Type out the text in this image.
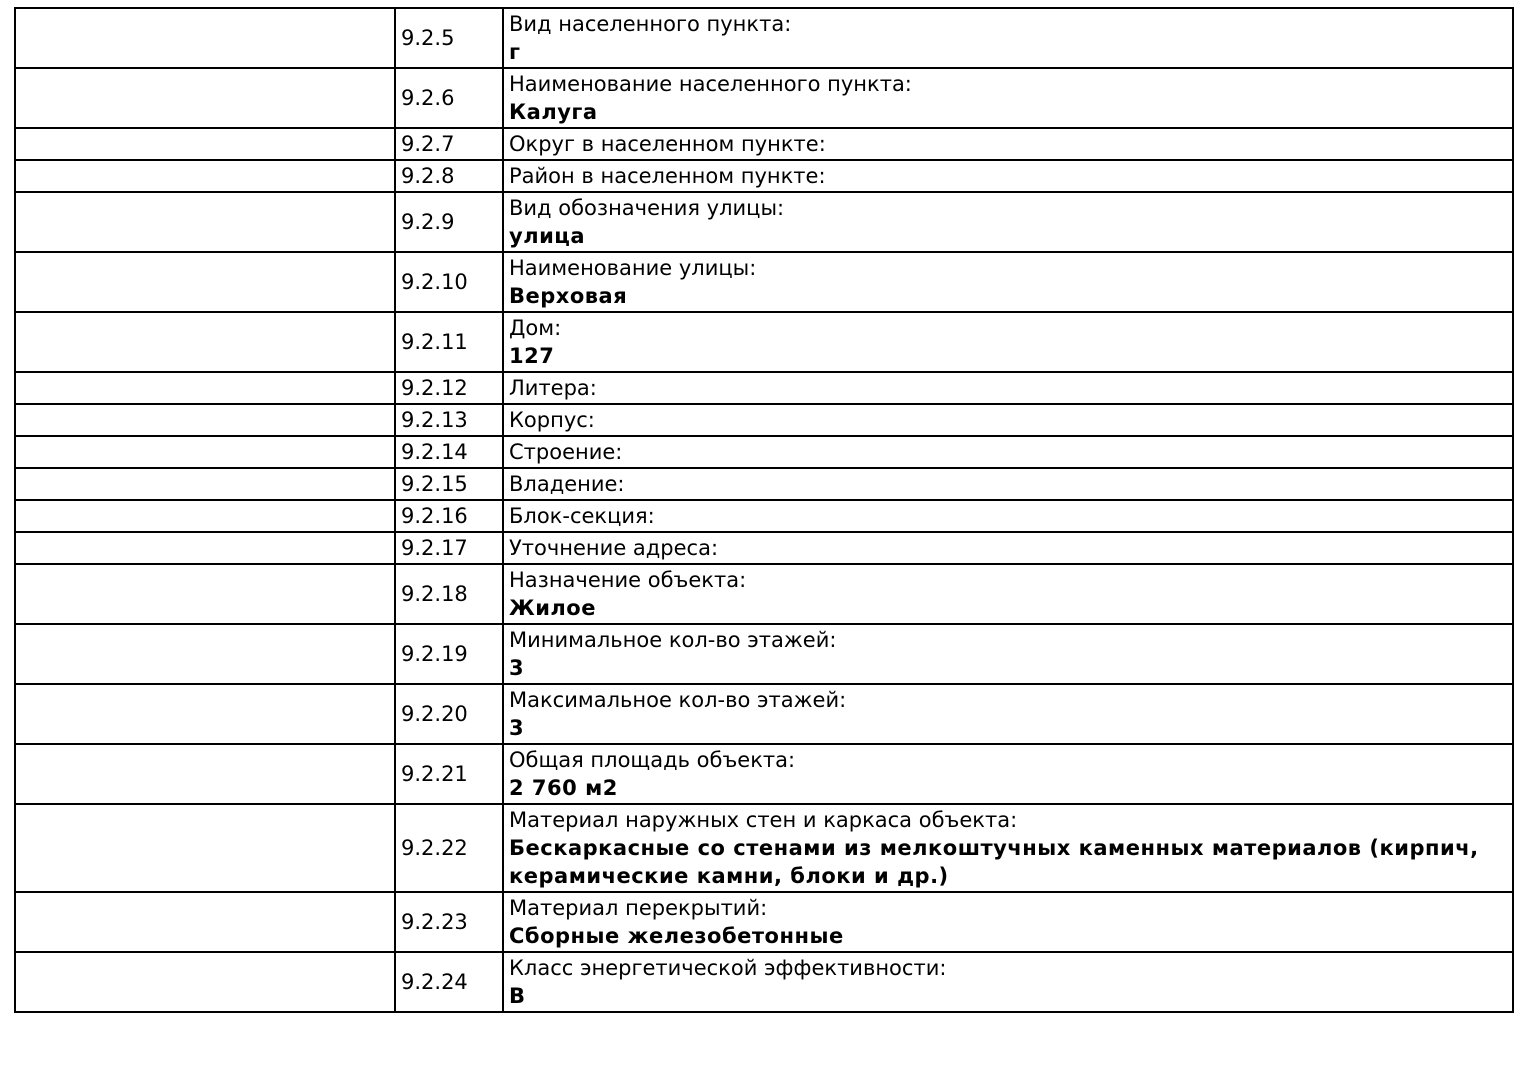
	9.2.5	Вид населенного пункта:
г

	9.2.6	Наименование населенного пункта:
Калуга

	9.2.7	Округ в населенном пункте:

	9.2.8	Район в населенном пункте:

	9.2.9	Вид обозначения улицы:
улица

	9.2.10	Наименование улицы:
Верховая

	9.2.11	Дом:
127

	9.2.12	Литера:

	9.2.13	Корпус:

	9.2.14	Строение:

	9.2.15	Владение:

	9.2.16	Блок-секция:

	9.2.17	Уточнение адреса:

	9.2.18	Назначение объекта:
Жилое

	9.2.19	Минимальное кол-во этажей:
3

	9.2.20	Максимальное кол-во этажей:
3

	9.2.21	Общая площадь объекта:
2 760 м2

	9.2.22	Материал наружных стен и каркаса объекта:
Бескаркасные со стенами из мелкоштучных каменных материалов (кирпич, керамические камни, блоки и др.)

	9.2.23	Материал перекрытий:
Сборные железобетонные

	9.2.24	Класс энергетической эффективности:
В
